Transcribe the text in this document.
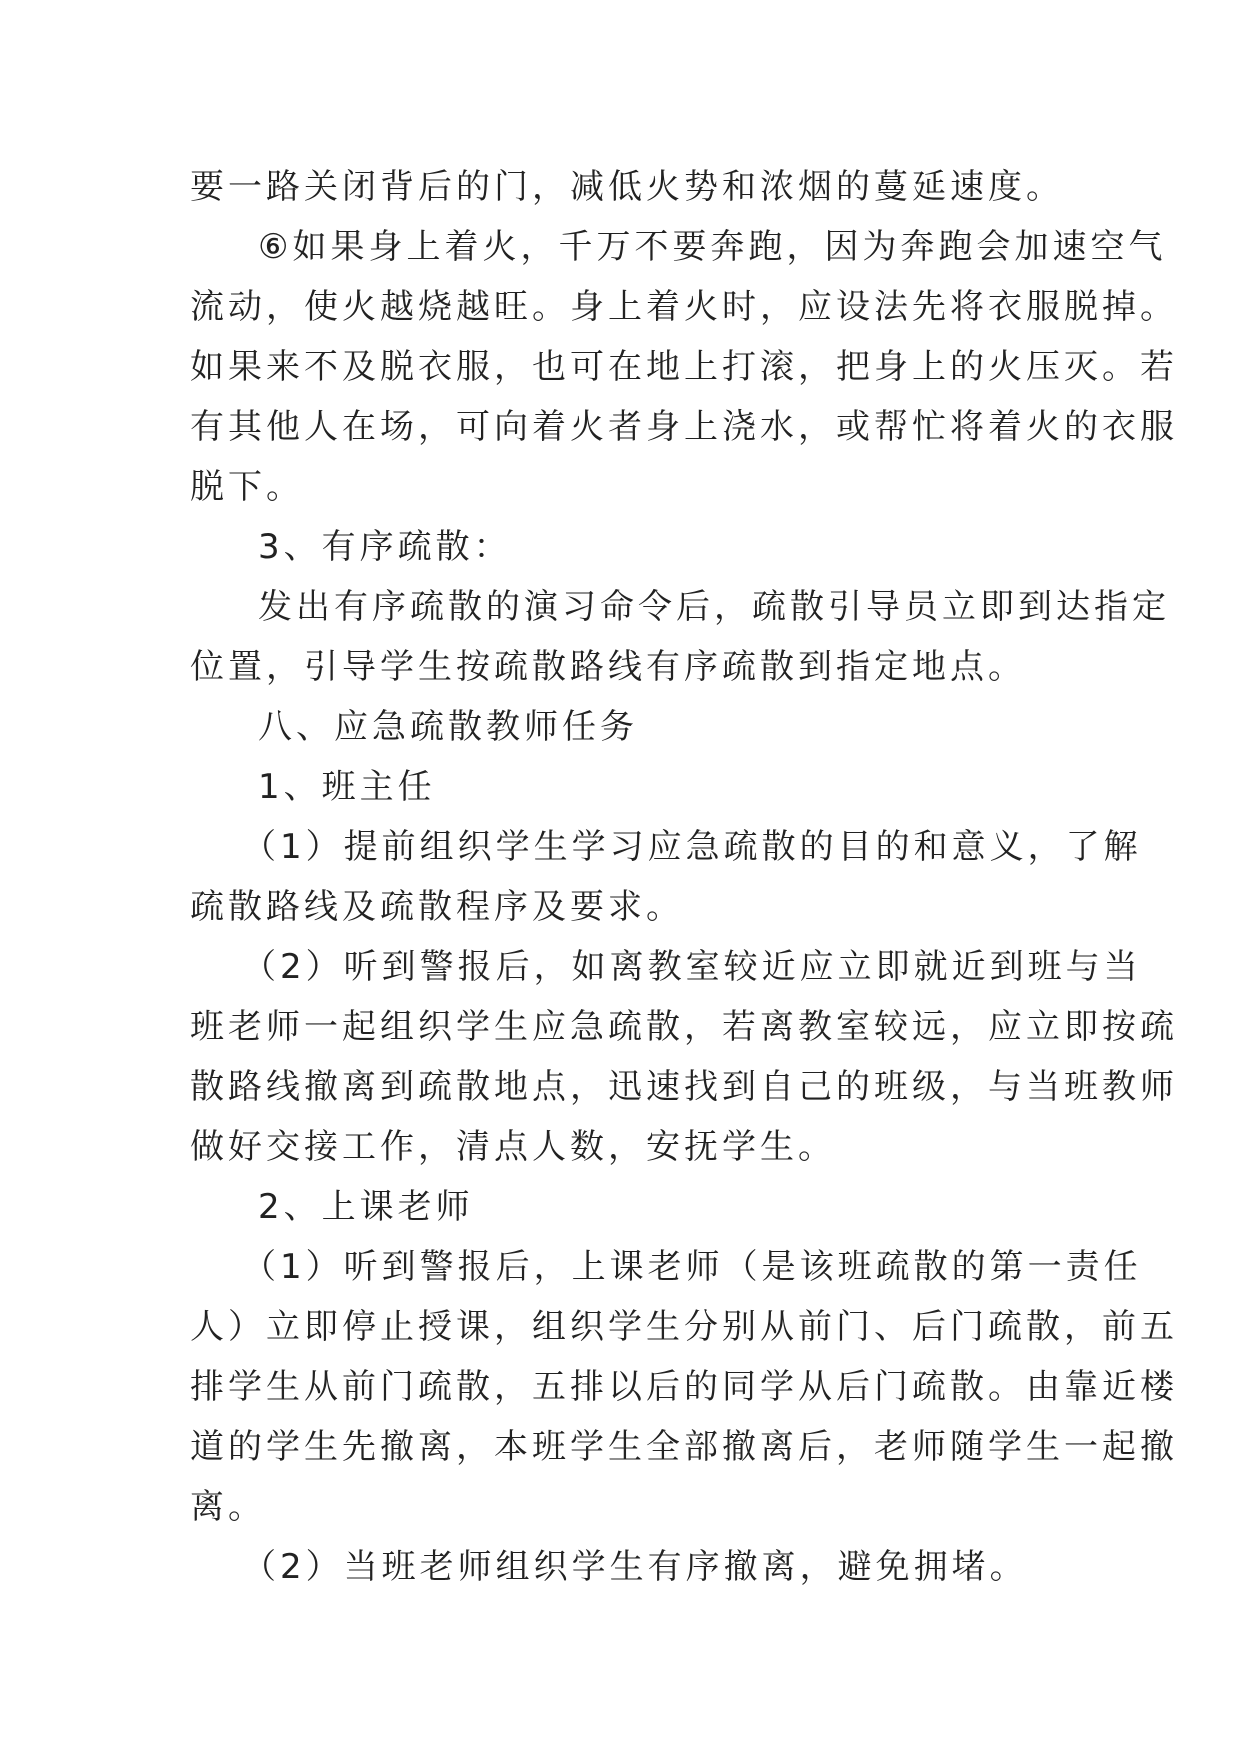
要一路关闭背后的门，减低火势和浓烟的蔓延速度。
⑥如果身上着火，千万不要奔跑，因为奔跑会加速空气
流动，使火越烧越旺。身上着火时，应设法先将衣服脱掉。
如果来不及脱衣服，也可在地上打滚，把身上的火压灭。若
有其他人在场，可向着火者身上浇水，或帮忙将着火的衣服
脱下。
3、有序疏散：
发出有序疏散的演习命令后，疏散引导员立即到达指定
位置，引导学生按疏散路线有序疏散到指定地点。
八、应急疏散教师任务
1、班主任
（1）提前组织学生学习应急疏散的目的和意义，了解
疏散路线及疏散程序及要求。
（2）听到警报后，如离教室较近应立即就近到班与当
班老师一起组织学生应急疏散，若离教室较远，应立即按疏
散路线撤离到疏散地点，迅速找到自己的班级，与当班教师
做好交接工作，清点人数，安抚学生。
2、上课老师
（1）听到警报后，上课老师（是该班疏散的第一责任
人）立即停止授课，组织学生分别从前门、后门疏散，前五
排学生从前门疏散，五排以后的同学从后门疏散。由靠近楼
道的学生先撤离，本班学生全部撤离后，老师随学生一起撤
离。
（2）当班老师组织学生有序撤离，避免拥堵。
